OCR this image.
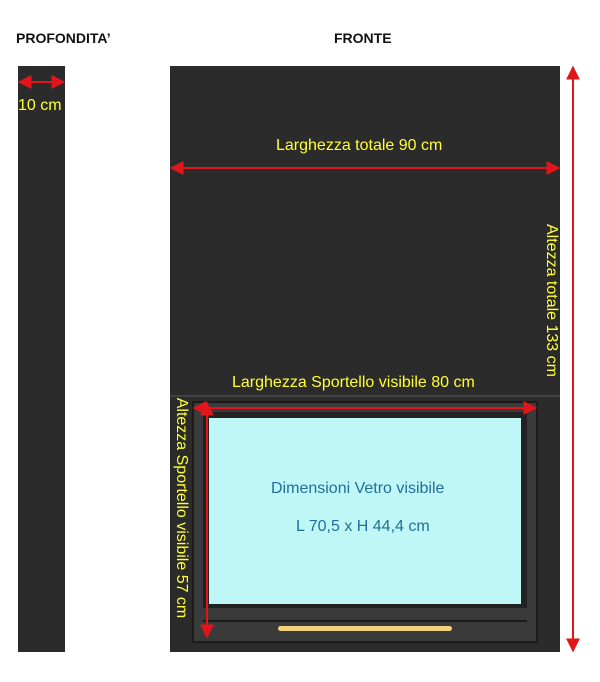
PROFONDITA’	FRONTE
10 cm
Larghezza totale 90 cm
Larghezza Sportello visibile 80 cm
Dimensioni Vetro visibile
L 70,5 x H 44,4 cm
Altezza totale 133 cm
Altezza Sportello visibile 57 cm
